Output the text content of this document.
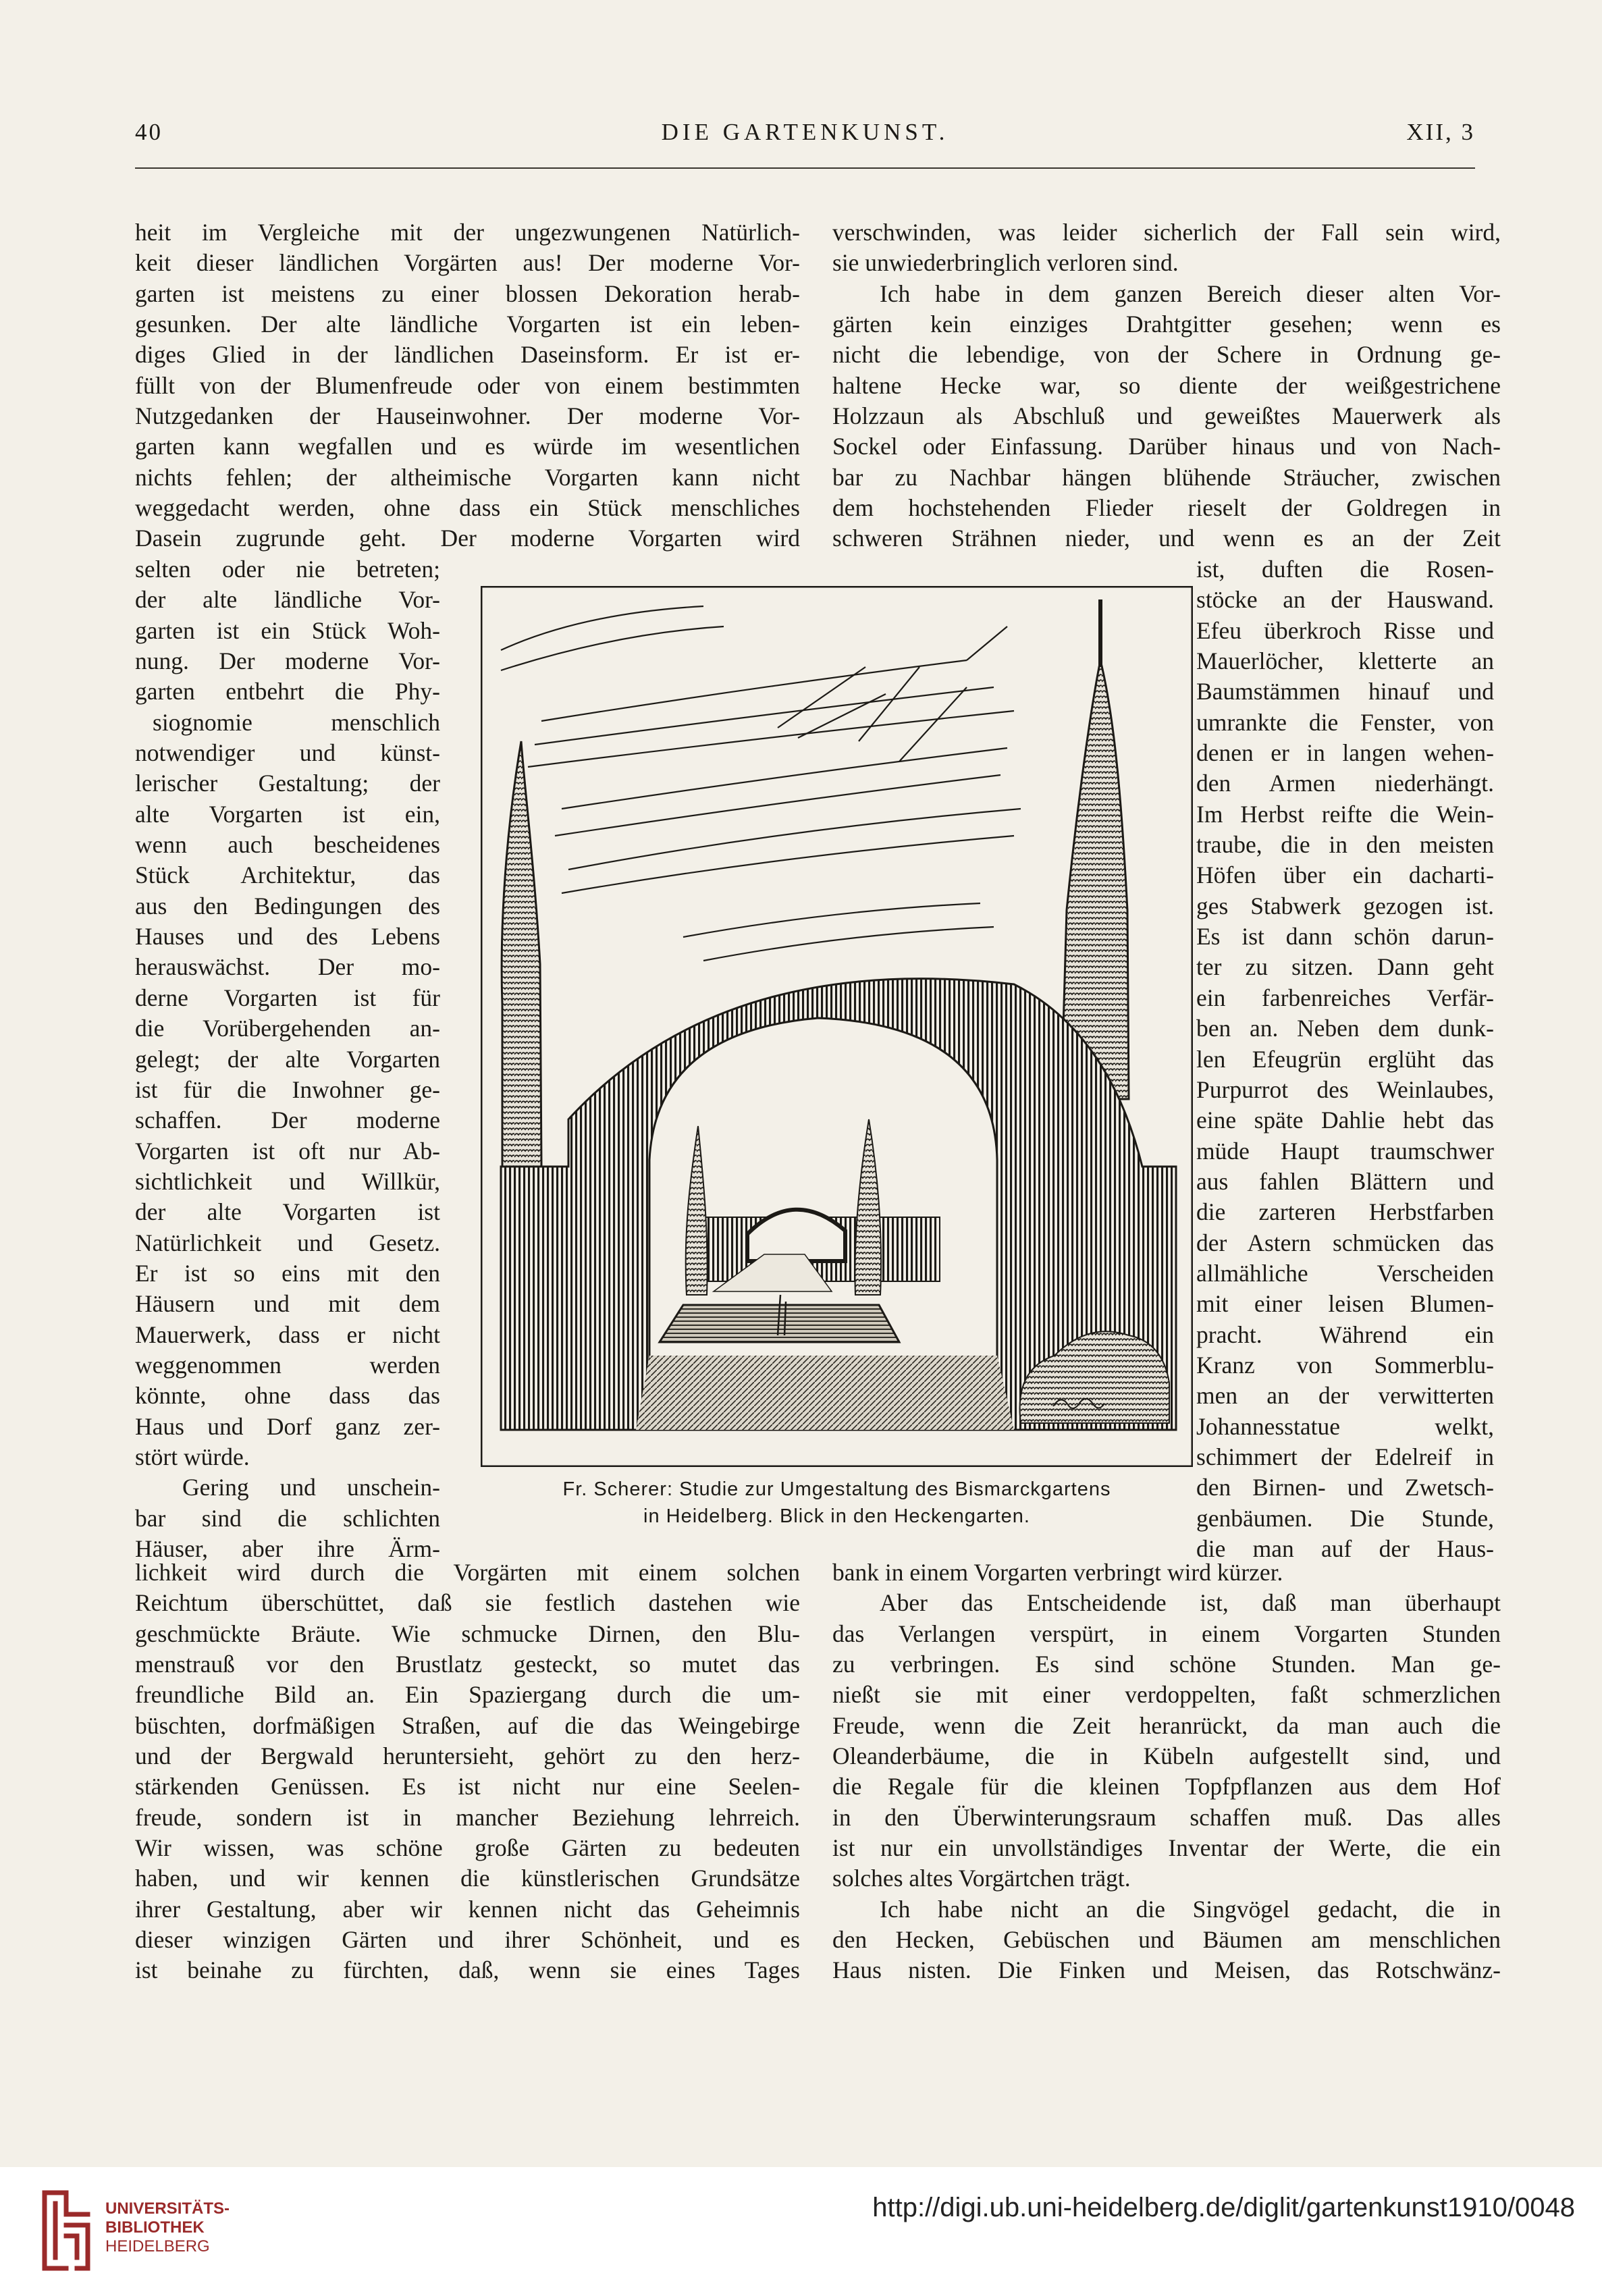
40	DIE GARTENKUNST.	XII, 3
heit im Vergleiche mit der ungezwungenen Natürlich-
keit dieser ländlichen Vorgärten aus! Der moderne Vor-
garten ist meistens zu einer blossen Dekoration herab-
gesunken. Der alte ländliche Vorgarten ist ein leben-
diges Glied in der ländlichen Daseinsform. Er ist er-
füllt von der Blumenfreude oder von einem bestimmten
Nutzgedanken der Hauseinwohner. Der moderne Vor-
garten kann wegfallen und es würde im wesentlichen
nichts fehlen; der altheimische Vorgarten kann nicht
weggedacht werden, ohne dass ein Stück menschliches
Dasein zugrunde geht. Der moderne Vorgarten wird
verschwinden, was leider sicherlich der Fall sein wird,
sie unwiederbringlich verloren sind.
Ich habe in dem ganzen Bereich dieser alten Vor-
gärten kein einziges Drahtgitter gesehen; wenn es
nicht die lebendige, von der Schere in Ordnung ge-
haltene Hecke war, so diente der weißgestrichene
Holzzaun als Abschluß und geweißtes Mauerwerk als
Sockel oder Einfassung. Darüber hinaus und von Nach-
bar zu Nachbar hängen blühende Sträucher, zwischen
dem hochstehenden Flieder rieselt der Goldregen in
schweren Strähnen nieder, und wenn es an der Zeit
selten oder nie betreten;
der alte ländliche Vor-
garten ist ein Stück Woh-
nung. Der moderne Vor-
garten entbehrt die Phy-
siognomie menschlich
notwendiger und künst-
lerischer Gestaltung; der
alte Vorgarten ist ein,
wenn auch bescheidenes
Stück Architektur, das
aus den Bedingungen des
Hauses und des Lebens
herauswächst. Der mo-
derne Vorgarten ist für
die Vorübergehenden an-
gelegt; der alte Vorgarten
ist für die Inwohner ge-
schaffen. Der moderne
Vorgarten ist oft nur Ab-
sichtlichkeit und Willkür,
der alte Vorgarten ist
Natürlichkeit und Gesetz.
Er ist so eins mit den
Häusern und mit dem
Mauerwerk, dass er nicht
weggenommen werden
könnte, ohne dass das
Haus und Dorf ganz zer-
stört würde.
Gering und unschein-
bar sind die schlichten
Häuser, aber ihre Ärm-
ist, duften die Rosen-
stöcke an der Hauswand.
Efeu überkroch Risse und
Mauerlöcher, kletterte an
Baumstämmen hinauf und
umrankte die Fenster, von
denen er in langen wehen-
den Armen niederhängt.
Im Herbst reifte die Wein-
traube, die in den meisten
Höfen über ein dacharti-
ges Stabwerk gezogen ist.
Es ist dann schön darun-
ter zu sitzen. Dann geht
ein farbenreiches Verfär-
ben an. Neben dem dunk-
len Efeugrün erglüht das
Purpurrot des Weinlaubes,
eine späte Dahlie hebt das
müde Haupt traumschwer
aus fahlen Blättern und
die zarteren Herbstfarben
der Astern schmücken das
allmähliche Verscheiden
mit einer leisen Blumen-
pracht. Während ein
Kranz von Sommerblu-
men an der verwitterten
Johannesstatue welkt,
schimmert der Edelreif in
den Birnen- und Zwetsch-
genbäumen. Die Stunde,
die man auf der Haus-
Fr. Scherer: Studie zur Umgestaltung des Bismarckgartens
in Heidelberg. Blick in den Heckengarten.
lichkeit wird durch die Vorgärten mit einem solchen
Reichtum überschüttet, daß sie festlich dastehen wie
geschmückte Bräute. Wie schmucke Dirnen, den Blu-
menstrauß vor den Brustlatz gesteckt, so mutet das
freundliche Bild an. Ein Spaziergang durch die um-
büschten, dorfmäßigen Straßen, auf die das Weingebirge
und der Bergwald heruntersieht, gehört zu den herz-
stärkenden Genüssen. Es ist nicht nur eine Seelen-
freude, sondern ist in mancher Beziehung lehrreich.
Wir wissen, was schöne große Gärten zu bedeuten
haben, und wir kennen die künstlerischen Grundsätze
ihrer Gestaltung, aber wir kennen nicht das Geheimnis
dieser winzigen Gärten und ihrer Schönheit, und es
ist beinahe zu fürchten, daß, wenn sie eines Tages
bank in einem Vorgarten verbringt wird kürzer.
Aber das Entscheidende ist, daß man überhaupt
das Verlangen verspürt, in einem Vorgarten Stunden
zu verbringen. Es sind schöne Stunden. Man ge-
nießt sie mit einer verdoppelten, faßt schmerzlichen
Freude, wenn die Zeit heranrückt, da man auch die
Oleanderbäume, die in Kübeln aufgestellt sind, und
die Regale für die kleinen Topfpflanzen aus dem Hof
in den Überwinterungsraum schaffen muß. Das alles
ist nur ein unvollständiges Inventar der Werte, die ein
solches altes Vorgärtchen trägt.
Ich habe nicht an die Singvögel gedacht, die in
den Hecken, Gebüschen und Bäumen am menschlichen
Haus nisten. Die Finken und Meisen, das Rotschwänz-
UNIVERSITÄTS-
BIBLIOTHEK
HEIDELBERG
http://digi.ub.uni-heidelberg.de/diglit/gartenkunst1910/0048
